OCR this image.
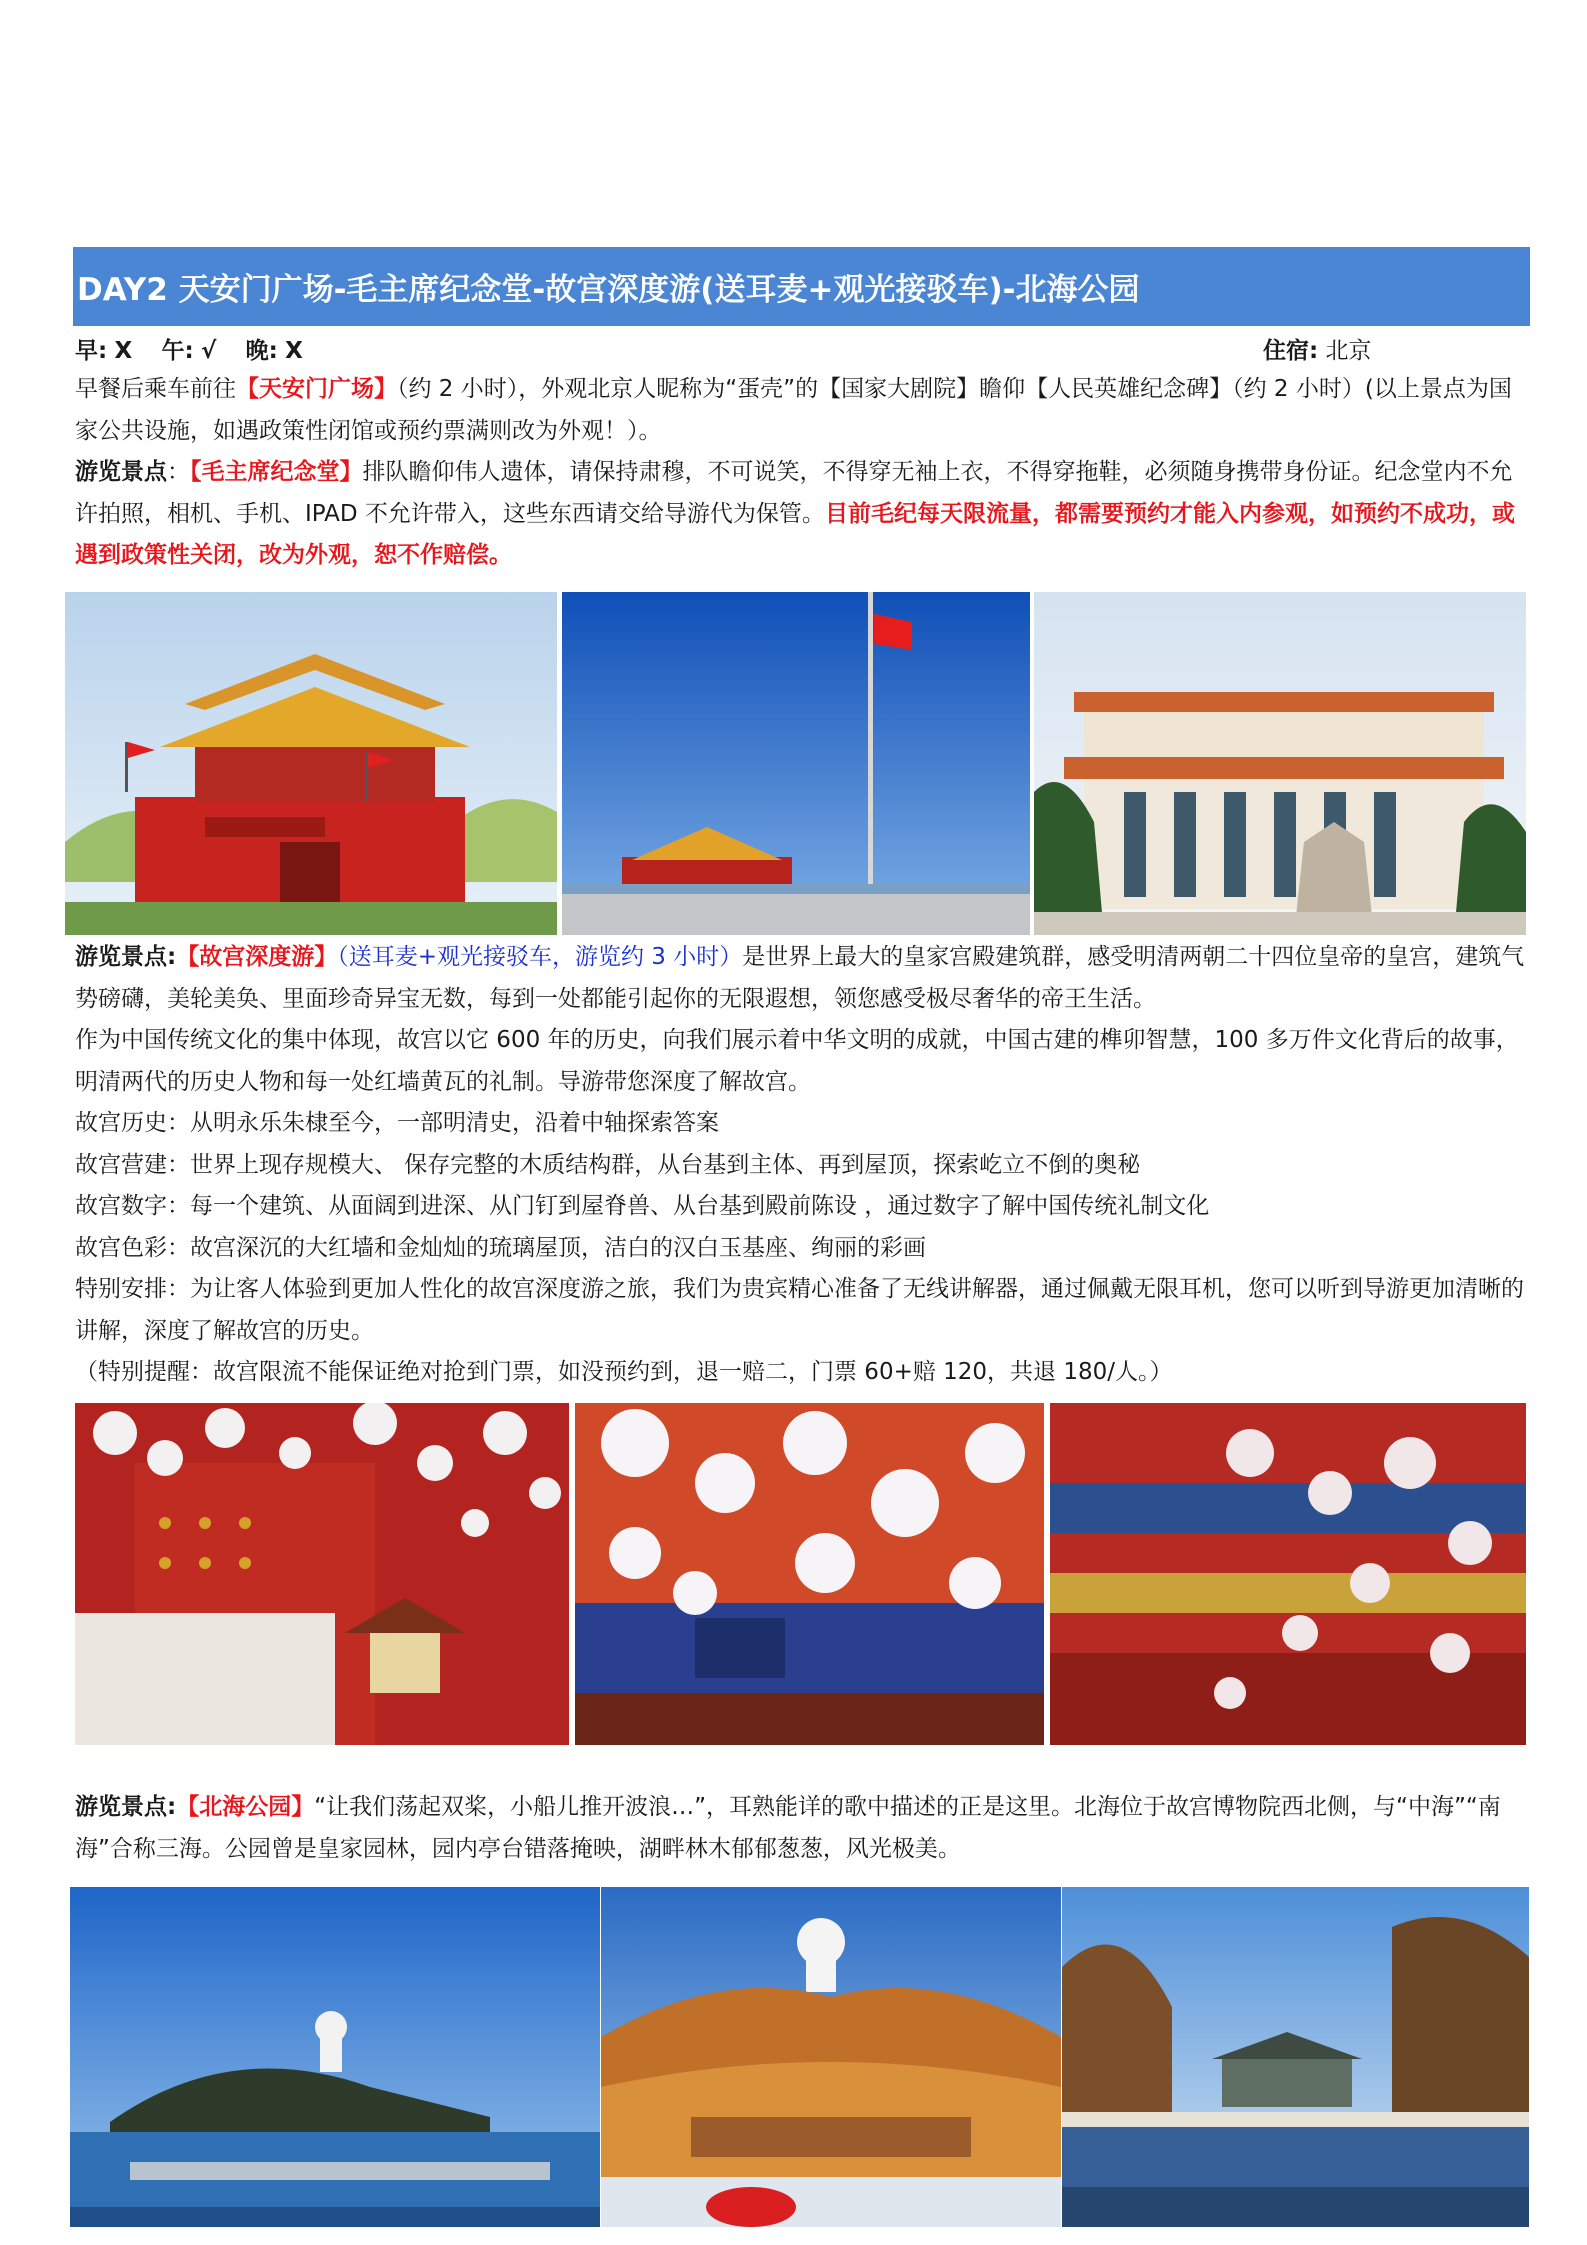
DAY2 天安门广场-毛主席纪念堂-故宫深度游(送耳麦+观光接驳车)-北海公园
早: X 午: √ 晚: X	住宿: 北京

早餐后乘车前往【天安门广场】（约 2 小时），外观北京人昵称为“蛋壳”的【国家大剧院】瞻仰【人民英雄纪念碑】（约 2 小时）(以上景点为国家公共设施，如遇政策性闭馆或预约票满则改为外观！）。

游览景点：【毛主席纪念堂】排队瞻仰伟人遗体，请保持肃穆，不可说笑，不得穿无袖上衣，不得穿拖鞋，必须随身携带身份证。纪念堂内不允许拍照，相机、手机、IPAD 不允许带入，这些东西请交给导游代为保管。目前毛纪每天限流量，都需要预约才能入内参观，如预约不成功，或遇到政策性关闭，改为外观，恕不作赔偿。

游览景点:【故宫深度游】（送耳麦+观光接驳车，游览约 3 小时）是世界上最大的皇家宫殿建筑群，感受明清两朝二十四位皇帝的皇宫，建筑气势磅礴，美轮美奂、里面珍奇异宝无数，每到一处都能引起你的无限遐想，领您感受极尽奢华的帝王生活。

作为中国传统文化的集中体现，故宫以它 600 年的历史，向我们展示着中华文明的成就，中国古建的榫卯智慧，100 多万件文化背后的故事，明清两代的历史人物和每一处红墙黄瓦的礼制。导游带您深度了解故宫。

故宫历史：从明永乐朱棣至今，一部明清史，沿着中轴探索答案

故宫营建：世界上现存规模大、 保存完整的木质结构群，从台基到主体、再到屋顶，探索屹立不倒的奥秘

故宫数字：每一个建筑、从面阔到进深、从门钉到屋脊兽、从台基到殿前陈设 ，通过数字了解中国传统礼制文化

故宫色彩：故宫深沉的大红墙和金灿灿的琉璃屋顶，洁白的汉白玉基座、绚丽的彩画

特别安排：为让客人体验到更加人性化的故宫深度游之旅，我们为贵宾精心准备了无线讲解器，通过佩戴无限耳机，您可以听到导游更加清晰的讲解，深度了解故宫的历史。

（特别提醒：故宫限流不能保证绝对抢到门票，如没预约到，退一赔二，门票 60+赔 120，共退 180/人。）

游览景点:【北海公园】“让我们荡起双桨，小船儿推开波浪…”，耳熟能详的歌中描述的正是这里。北海位于故宫博物院西北侧，与“中海”“南海”合称三海。公园曾是皇家园林，园内亭台错落掩映，湖畔林木郁郁葱葱，风光极美。
